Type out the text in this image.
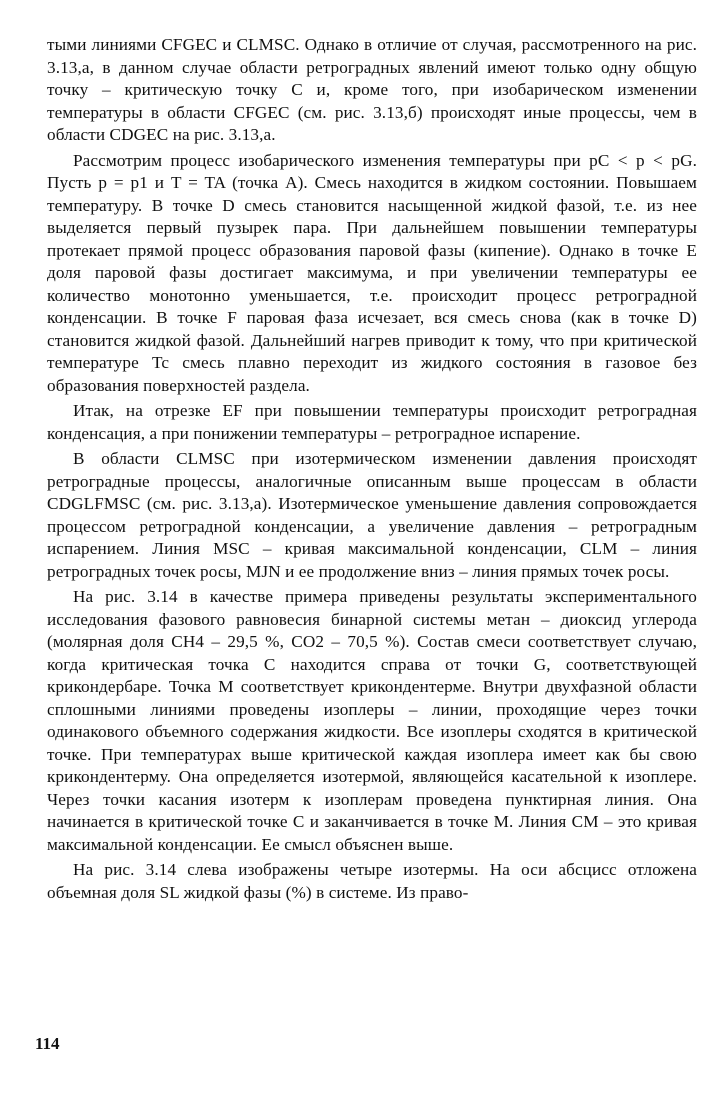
тыми линиями CFGEC и CLMSC. Однако в отличие от случая, рассмотренного на рис. 3.13,а, в данном случае области ретроградных явлений имеют только одну общую точку – критическую точку C и, кроме того, при изобарическом изменении температуры в области CFGEC (см. рис. 3.13,б) происходят иные процессы, чем в области CDGEC на рис. 3.13,а.

Рассмотрим процесс изобарического изменения температуры при pC < p < pG. Пусть p = p1 и T = TA (точка A). Смесь находится в жидком состоянии. Повышаем температуру. В точке D смесь становится насыщенной жидкой фазой, т.е. из нее выделяется первый пузырек пара. При дальнейшем повышении температуры протекает прямой процесс образования паровой фазы (кипение). Однако в точке E доля паровой фазы достигает максимума, и при увеличении температуры ее количество монотонно уменьшается, т.е. происходит процесс ретроградной конденсации. В точке F паровая фаза исчезает, вся смесь снова (как в точке D) становится жидкой фазой. Дальнейший нагрев приводит к тому, что при критической температуре Tc смесь плавно переходит из жидкого состояния в газовое без образования поверхностей раздела.

Итак, на отрезке EF при повышении температуры происходит ретроградная конденсация, а при понижении температуры – ретроградное испарение.

В области CLMSC при изотермическом изменении давления происходят ретроградные процессы, аналогичные описанным выше процессам в области CDGLFMSC (см. рис. 3.13,а). Изотермическое уменьшение давления сопровождается процессом ретроградной конденсации, а увеличение давления – ретроградным испарением. Линия MSC – кривая максимальной конденсации, CLM – линия ретроградных точек росы, MJN и ее продолжение вниз – линия прямых точек росы.

На рис. 3.14 в качестве примера приведены результаты экспериментального исследования фазового равновесия бинарной системы метан – диоксид углерода (молярная доля CH4 – 29,5 %, CO2 – 70,5 %). Состав смеси соответствует случаю, когда критическая точка C находится справа от точки G, соответствующей крикондербаре. Точка M соответствует крикондентерме. Внутри двухфазной области сплошными линиями проведены изоплеры – линии, проходящие через точки одинакового объемного содержания жидкости. Все изоплеры сходятся в критической точке. При температурах выше критической каждая изоплера имеет как бы свою крикондентерму. Она определяется изотермой, являющейся касательной к изоплере. Через точки касания изотерм к изоплерам проведена пунктирная линия. Она начинается в критической точке C и заканчивается в точке M. Линия CM – это кривая максимальной конденсации. Ее смысл объяснен выше.

На рис. 3.14 слева изображены четыре изотермы. На оси абсцисс отложена объемная доля SL жидкой фазы (%) в системе. Из право-

114
